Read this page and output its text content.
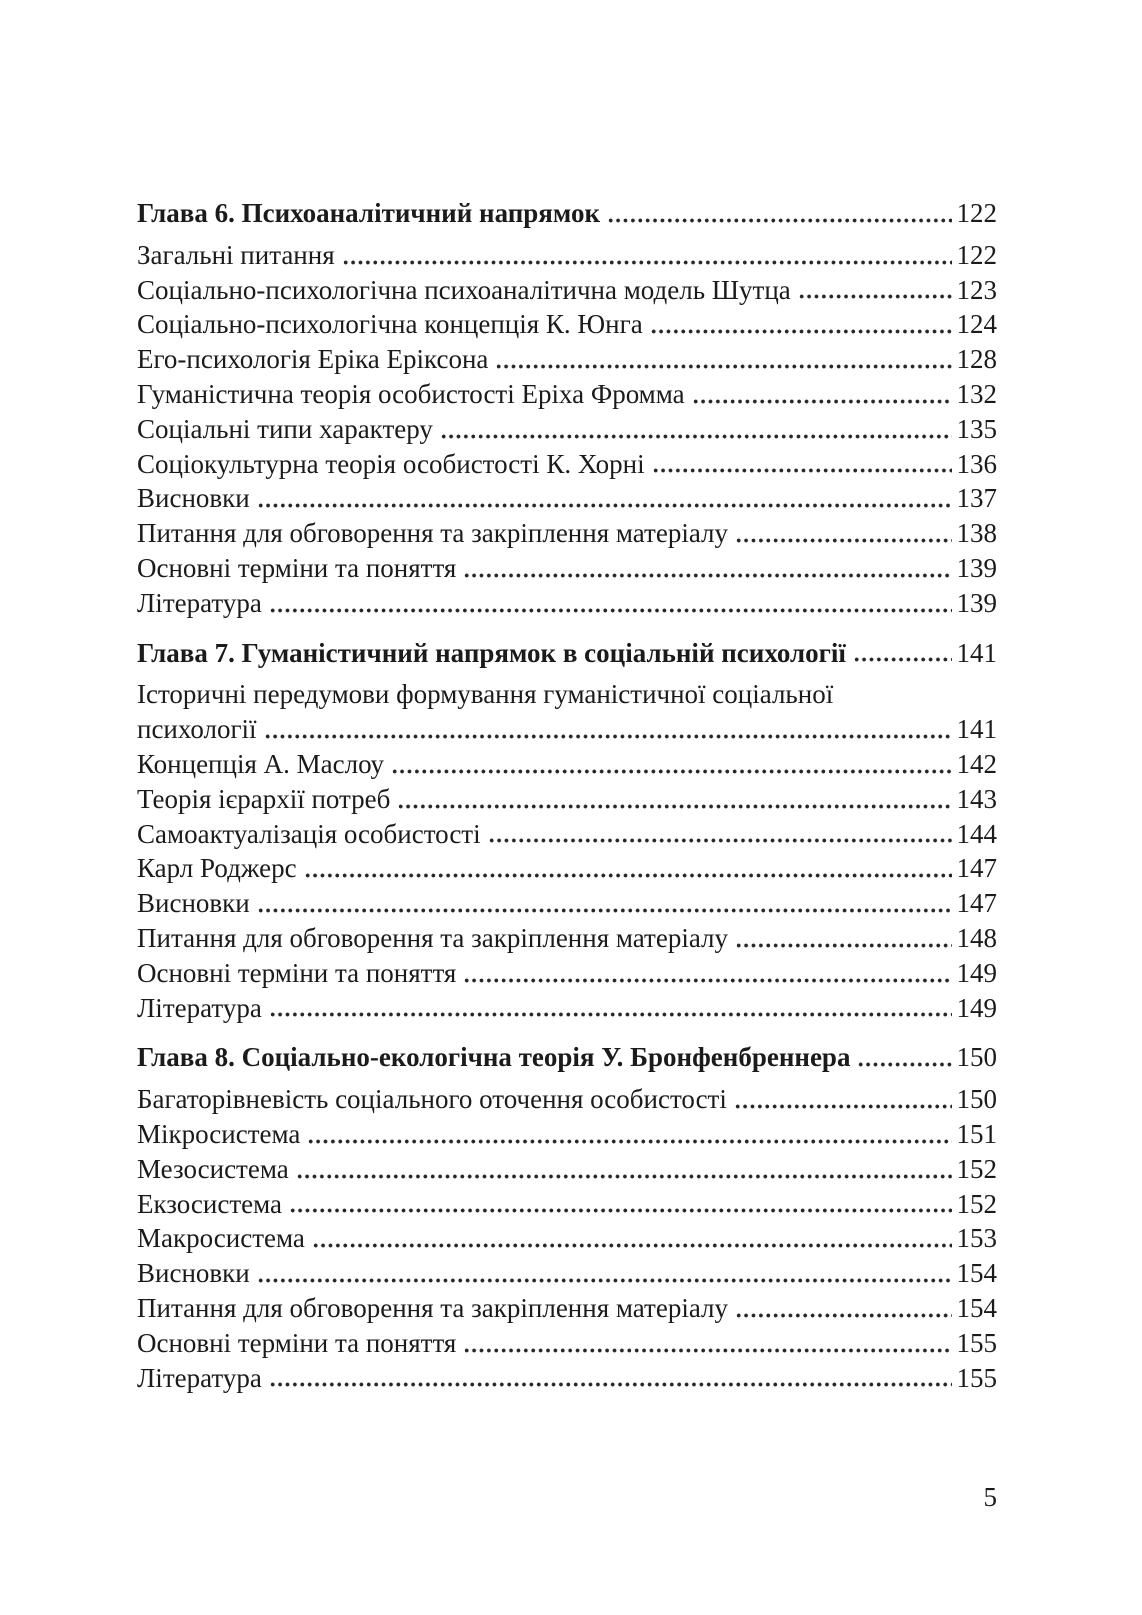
Глава 6. Психоаналітичний напрямок	122
Загальні питання	122
Соціально-психологічна психоаналітична модель Шутца	123
Соціально-психологічна концепція К. Юнга	124
Его-психологія Еріка Еріксона	128
Гуманістична теорія особистості Еріха Фромма	132
Соціальні типи характеру	135
Соціокультурна теорія особистості К. Хорні	136
Висновки	137
Питання для обговорення та закріплення матеріалу	138
Основні терміни та поняття	139
Література	139
Глава 7. Гуманістичний напрямок в соціальній психології	141
Історичні передумови формування гуманістичної соціальної
психології	141
Концепція А. Маслоу	142
Теорія ієрархії потреб	143
Самоактуалізація особистості	144
Карл Роджерс	147
Висновки	147
Питання для обговорення та закріплення матеріалу	148
Основні терміни та поняття	149
Література	149
Глава 8. Соціально-екологічна теорія У. Бронфенбреннера	150
Багаторівневість соціального оточення особистості	150
Мікросистема	151
Мезосистема	152
Екзосистема	152
Макросистема	153
Висновки	154
Питання для обговорення та закріплення матеріалу	154
Основні терміни та поняття	155
Література	155
5
